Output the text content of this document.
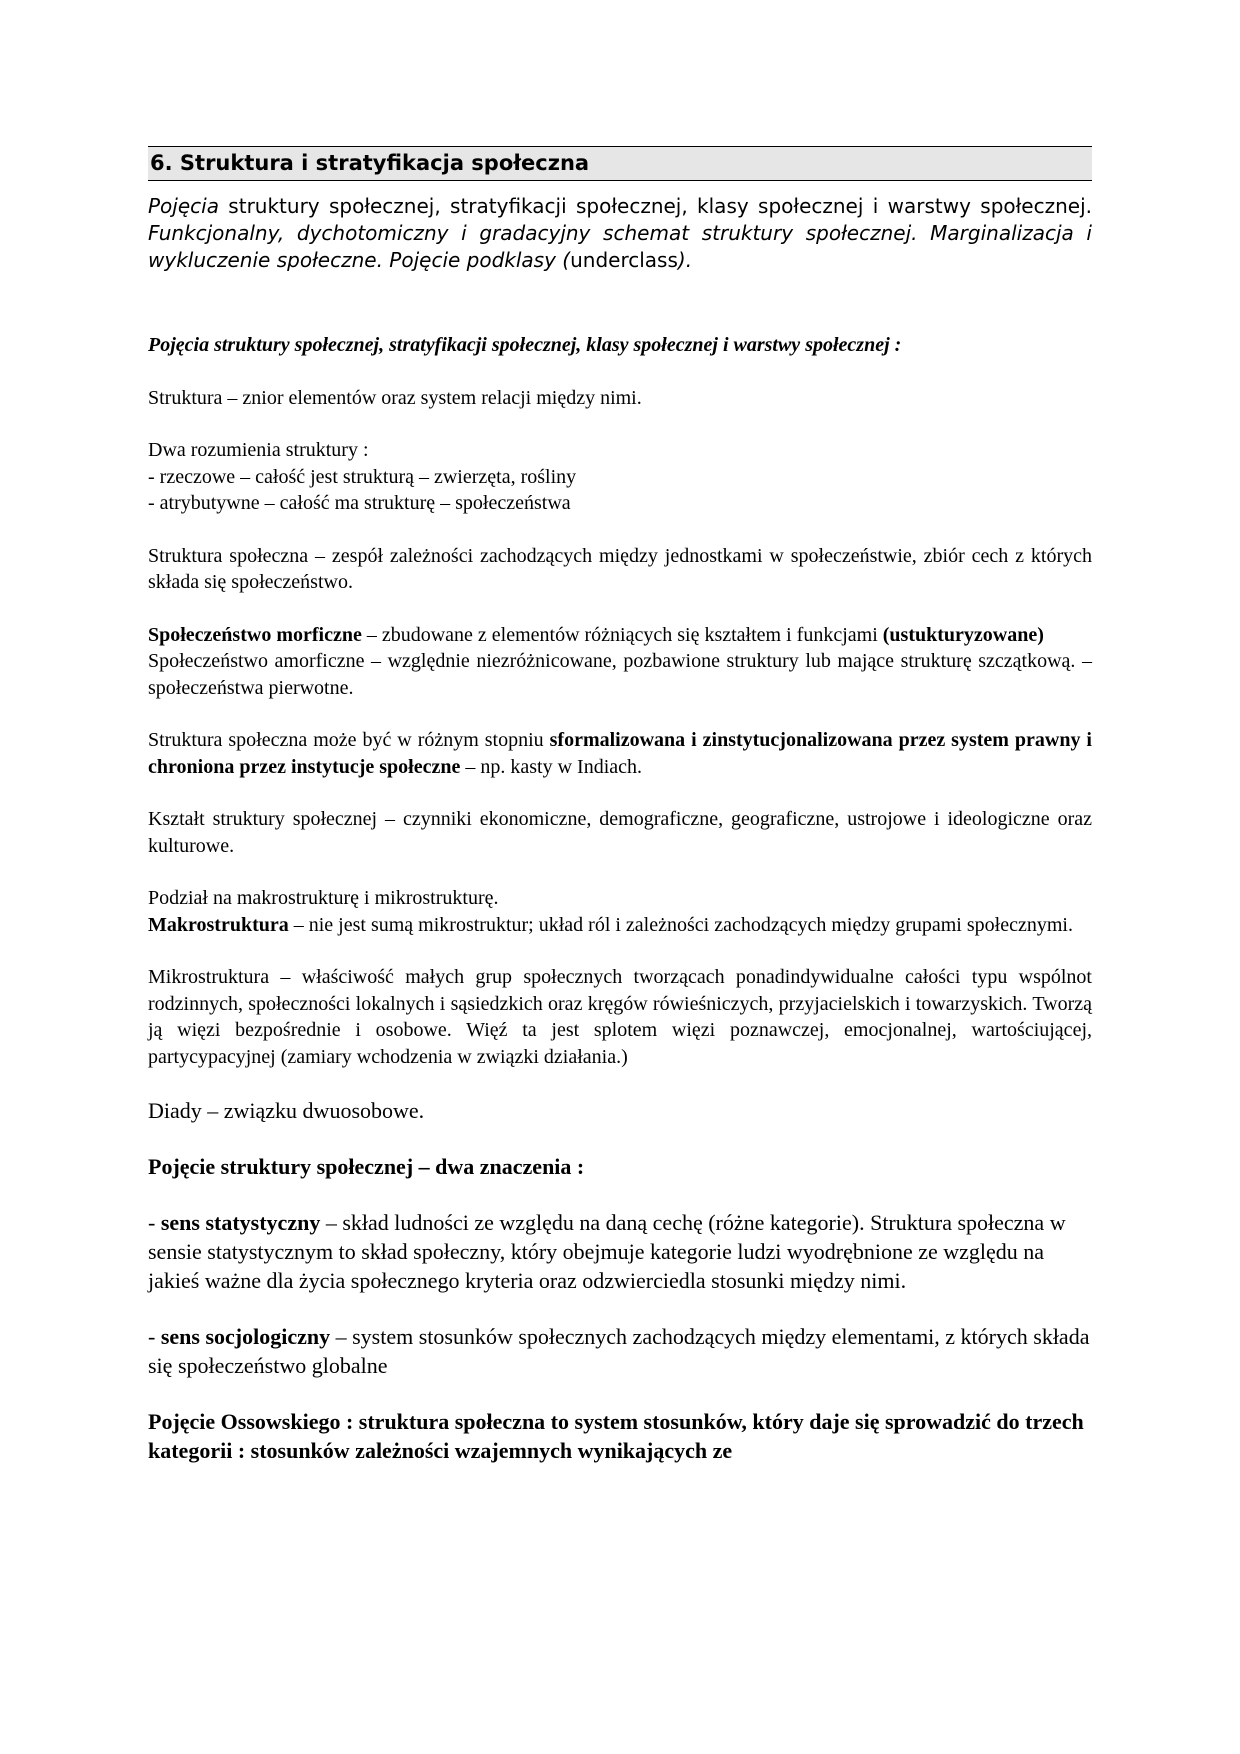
6. Struktura i stratyfikacja społeczna

Pojęcia struktury społecznej, stratyfikacji społecznej, klasy społecznej i warstwy społecznej. Funkcjonalny, dychotomiczny i gradacyjny schemat struktury społecznej. Marginalizacja i wykluczenie społeczne. Pojęcie podklasy (underclass).

Pojęcia struktury społecznej, stratyfikacji społecznej, klasy społecznej i warstwy społecznej :

Struktura – znior elementów oraz system relacji między nimi.

Dwa rozumienia struktury :

- rzeczowe – całość jest strukturą – zwierzęta, rośliny

- atrybutywne – całość ma strukturę – społeczeństwa

Struktura społeczna – zespół zależności zachodzących między jednostkami w społeczeństwie, zbiór cech z których składa się społeczeństwo.

Społeczeństwo morficzne – zbudowane z elementów różniących się kształtem i funkcjami (ustukturyzowane)

Społeczeństwo amorficzne – względnie niezróżnicowane, pozbawione struktury lub mające strukturę szczątkową. – społeczeństwa pierwotne.

Struktura społeczna może być w różnym stopniu sformalizowana i zinstytucjonalizowana przez system prawny i chroniona przez instytucje społeczne – np. kasty w Indiach.

Kształt struktury społecznej – czynniki ekonomiczne, demograficzne, geograficzne, ustrojowe i ideologiczne oraz kulturowe.

Podział na makrostrukturę i mikrostrukturę.

Makrostruktura – nie jest sumą mikrostruktur; układ ról i zależności zachodzących między grupami społecznymi.

Mikrostruktura – właściwość małych grup społecznych tworzącach ponadindywidualne całości typu wspólnot rodzinnych, społeczności lokalnych i sąsiedzkich oraz kręgów rówieśniczych, przyjacielskich i towarzyskich. Tworzą ją więzi bezpośrednie i osobowe. Więź ta jest splotem więzi poznawczej, emocjonalnej, wartościującej, partycypacyjnej (zamiary wchodzenia w związki działania.)

Diady – związku dwuosobowe.

Pojęcie struktury społecznej – dwa znaczenia :

- sens statystyczny – skład ludności ze względu na daną cechę (różne kategorie). Struktura społeczna w sensie statystycznym to skład społeczny, który obejmuje kategorie ludzi wyodrębnione ze względu na jakieś ważne dla życia społecznego kryteria oraz odzwierciedla stosunki między nimi.

- sens socjologiczny – system stosunków społecznych zachodzących między elementami, z których składa się społeczeństwo globalne

Pojęcie Ossowskiego : struktura społeczna to system stosunków, który daje się sprowadzić do trzech kategorii : stosunków zależności wzajemnych wynikających ze
